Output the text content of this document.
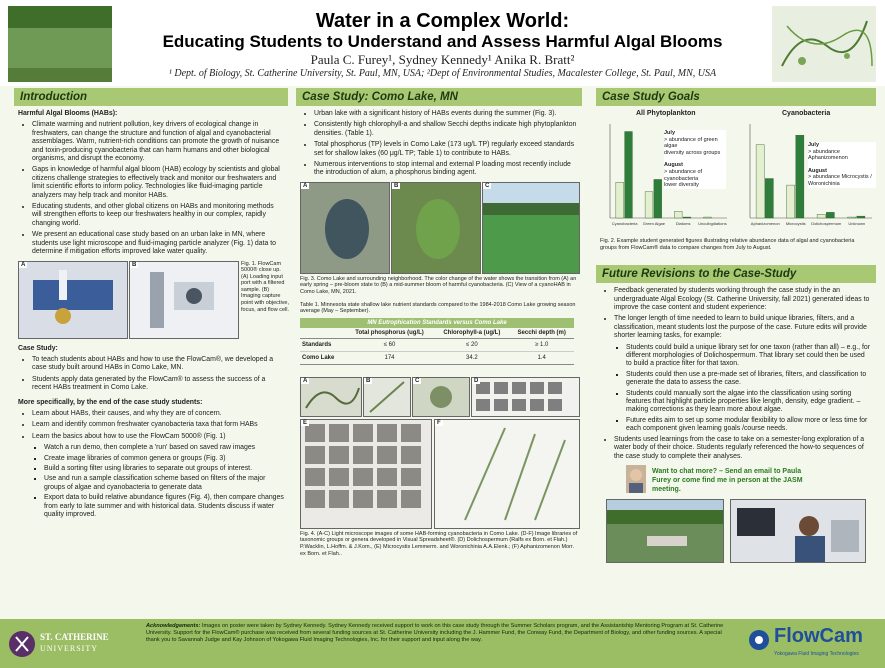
Water in a Complex World:
Educating Students to Understand and Assess Harmful Algal Blooms
Paula C. Furey¹, Sydney Kennedy¹ Anika R. Bratt²
¹ Dept. of Biology, St. Catherine University, St. Paul, MN, USA; ²Dept of Environmental Studies, Macalester College, St. Paul, MN, USA
Introduction
Harmful Algal Blooms (HABs):
• Climate warming and nutrient pollution, key drivers of ecological change in freshwaters, can change the structure and function of algal and cyanobacterial assemblages. Warm, nutrient-rich conditions can promote the growth of nuisance and toxin-producing cyanobacteria that can harm humans and other biological organisms, and disrupt the economy.
• Gaps in knowledge of harmful algal bloom (HAB) ecology by scientists and global citizens challenge strategies to effectively track and monitor our freshwaters and limit scientific efforts to inform policy. Technologies like fluid-imaging particle analyzers may help track and monitor HABs.
• Educating students, and other global citizens on HABs and monitoring methods will strengthen efforts to keep our freshwaters healthy in our complex, rapidly changing world.
• We present an educational case study based on an urban lake in MN, where students use light microscope and fluid-imaging particle analyzer (Fig. 1) data to determine if mitigation efforts improved lake water quality.
A	B	Fig. 1. FlowCam 5000® close up. (A) Loading input port with a filtered sample. (B) Imaging capture point with objective, focus, and flow cell.
Case Study:
• To teach students about HABs and how to use the FlowCam®, we developed a case study built around HABs in Como Lake, MN.
• Students apply data generated by the FlowCam® to assess the success of a recent HABs treatment in Como Lake.
More specifically, by the end of the case study students:
• Learn about HABs, their causes, and why they are of concern.
• Learn and identify common freshwater cyanobacteria taxa that form HABs
• Learn the basics about how to use the FlowCam 5000® (Fig. 1)
▪ Watch a run demo, then complete a 'run' based on saved raw images
▪ Create image libraries of common genera or groups (Fig. 3)
▪ Build a sorting filter using libraries to separate out groups of interest.
▪ Use and run a sample classification scheme based on filters of the major groups of algae and cyanobacteria to generate data
▪ Export data to build relative abundance figures (Fig. 4), then compare changes from early to late summer and with historical data. Students discuss if water quality improved.
Case Study: Como Lake, MN
• Urban lake with a significant history of HABs events during the summer (Fig. 3).
• Consistently high chlorophyll-a and shallow Secchi depths indicate high phytoplankton densities. (Table 1).
• Total phosphorus (TP) levels in Como Lake (173 ug/L TP) regularly exceed standards set for shallow lakes (60 μg/L TP; Table 1) to contribute to HABs.
• Numerous interventions to stop internal and external P loading most recently include the introduction of alum, a phosphorus binding agent.
A	B	C
Fig. 3. Como Lake and surrounding neighborhood. The color change of the water shows the transition from (A) an early spring – pre-bloom state to (B) a mid-summer bloom of harmful cyanobacteria. (C) View of a cyanoHAB in Como Lake, MN, 2021.
Table 1. Minnesota state shallow lake nutrient standards compared to the 1984-2018 Como Lake growing season average (May – September).
MN Eutrophication Standards versus Como Lake			
	Total phosphorus (ug/L)	Chlorophyll-a (ug/L)	Secchi depth (m)
Standards	≤ 60	≤ 20	≥ 1.0
Como Lake	174	34.2	1.4
A	B	C	D
E	F
Fig. 4. (A-C) Light microscope images of some HAB-forming cyanobacteria in Como Lake. (D-F) Image libraries of taxonomic groups or genera developed in Visual Spreadsheet®. (D) Dolichospermum (Ralfs ex Born. et Flah.) P.Wacklin, L.Hoffm. & J.Kom., (E) Microcystis Lemmerm. and Woronichinia A.A.Elenk.; (F) Aphanizomenon Morr. ex Born. et Flah..
Case Study Goals
All Phytoplankton	Cyanobacteria
Cyanobacteria Green Algae	Diatoms Unculbgdiations	Aphanizomenon Microcystis Dolichospermum Unknown
July
> abundance of green algae
diversity across groups
August
> abundance of cyanobacteria
lower diversity
July
> abundance Aphanizomenon
August
> abundance Microcystis / Woronichinia
Fig. 2. Example student generated figures illustrating relative abundance data of algal and cyanobacteria groups from FlowCam® data to compare changes from July to August.
Future Revisions to the Case-Study
• Feedback generated by students working through the case study in the an undergraduate Algal Ecology (St. Catherine University, fall 2021) generated ideas to improve the case content and student experience:
• The longer length of time needed to learn to build unique libraries, filters, and a classification, meant students lost the purpose of the case. Future edits will provide shorter learning tasks, for example:
▪ Students could build a unique library set for one taxon (rather than all) – e.g., for different morphologies of Dolichospermum. That library set could then be used to build a practice filter for that taxon.
▪ Students could then use a pre-made set of libraries, filters, and classification to generate the data to assess the case.
▪ Students could manually sort the algae into the classification using sorting features that highlight particle properties like length, density, edge gradient. – making corrections as they learn more about algae.
▪ Future edits aim to set up some modular flexibility to allow more or less time for each component given learning goals /course needs.
• Students used learnings from the case to take on a semester-long exploration of a water body of their choice. Students regularly referenced the how-to sequences of the case study to complete their analyses.
Want to chat more? – Send an email to Paula Furey or come find me in person at the JASM meeting.
ST. CATHERINE
UNIVERSITY
Acknowledgements: Images on poster were taken by Sydney Kennedy. Sydney Kennedy received support to work on this case study through the Summer Scholars program, and the Assistantship Mentoring Program at St. Catherine University. Support for the FlowCam® purchase was received from several funding sources at St. Catherine University including the J. Hammer Fund, the Conway Fund, the Department of Biology, and other funding sources. A special thank you to Savannah Judge and Kay Johnson of Yokogawa Fluid Imaging Technologies, Inc. for their support and input along the way.	FlowCam
Yokogawa Fluid Imaging Technologies
